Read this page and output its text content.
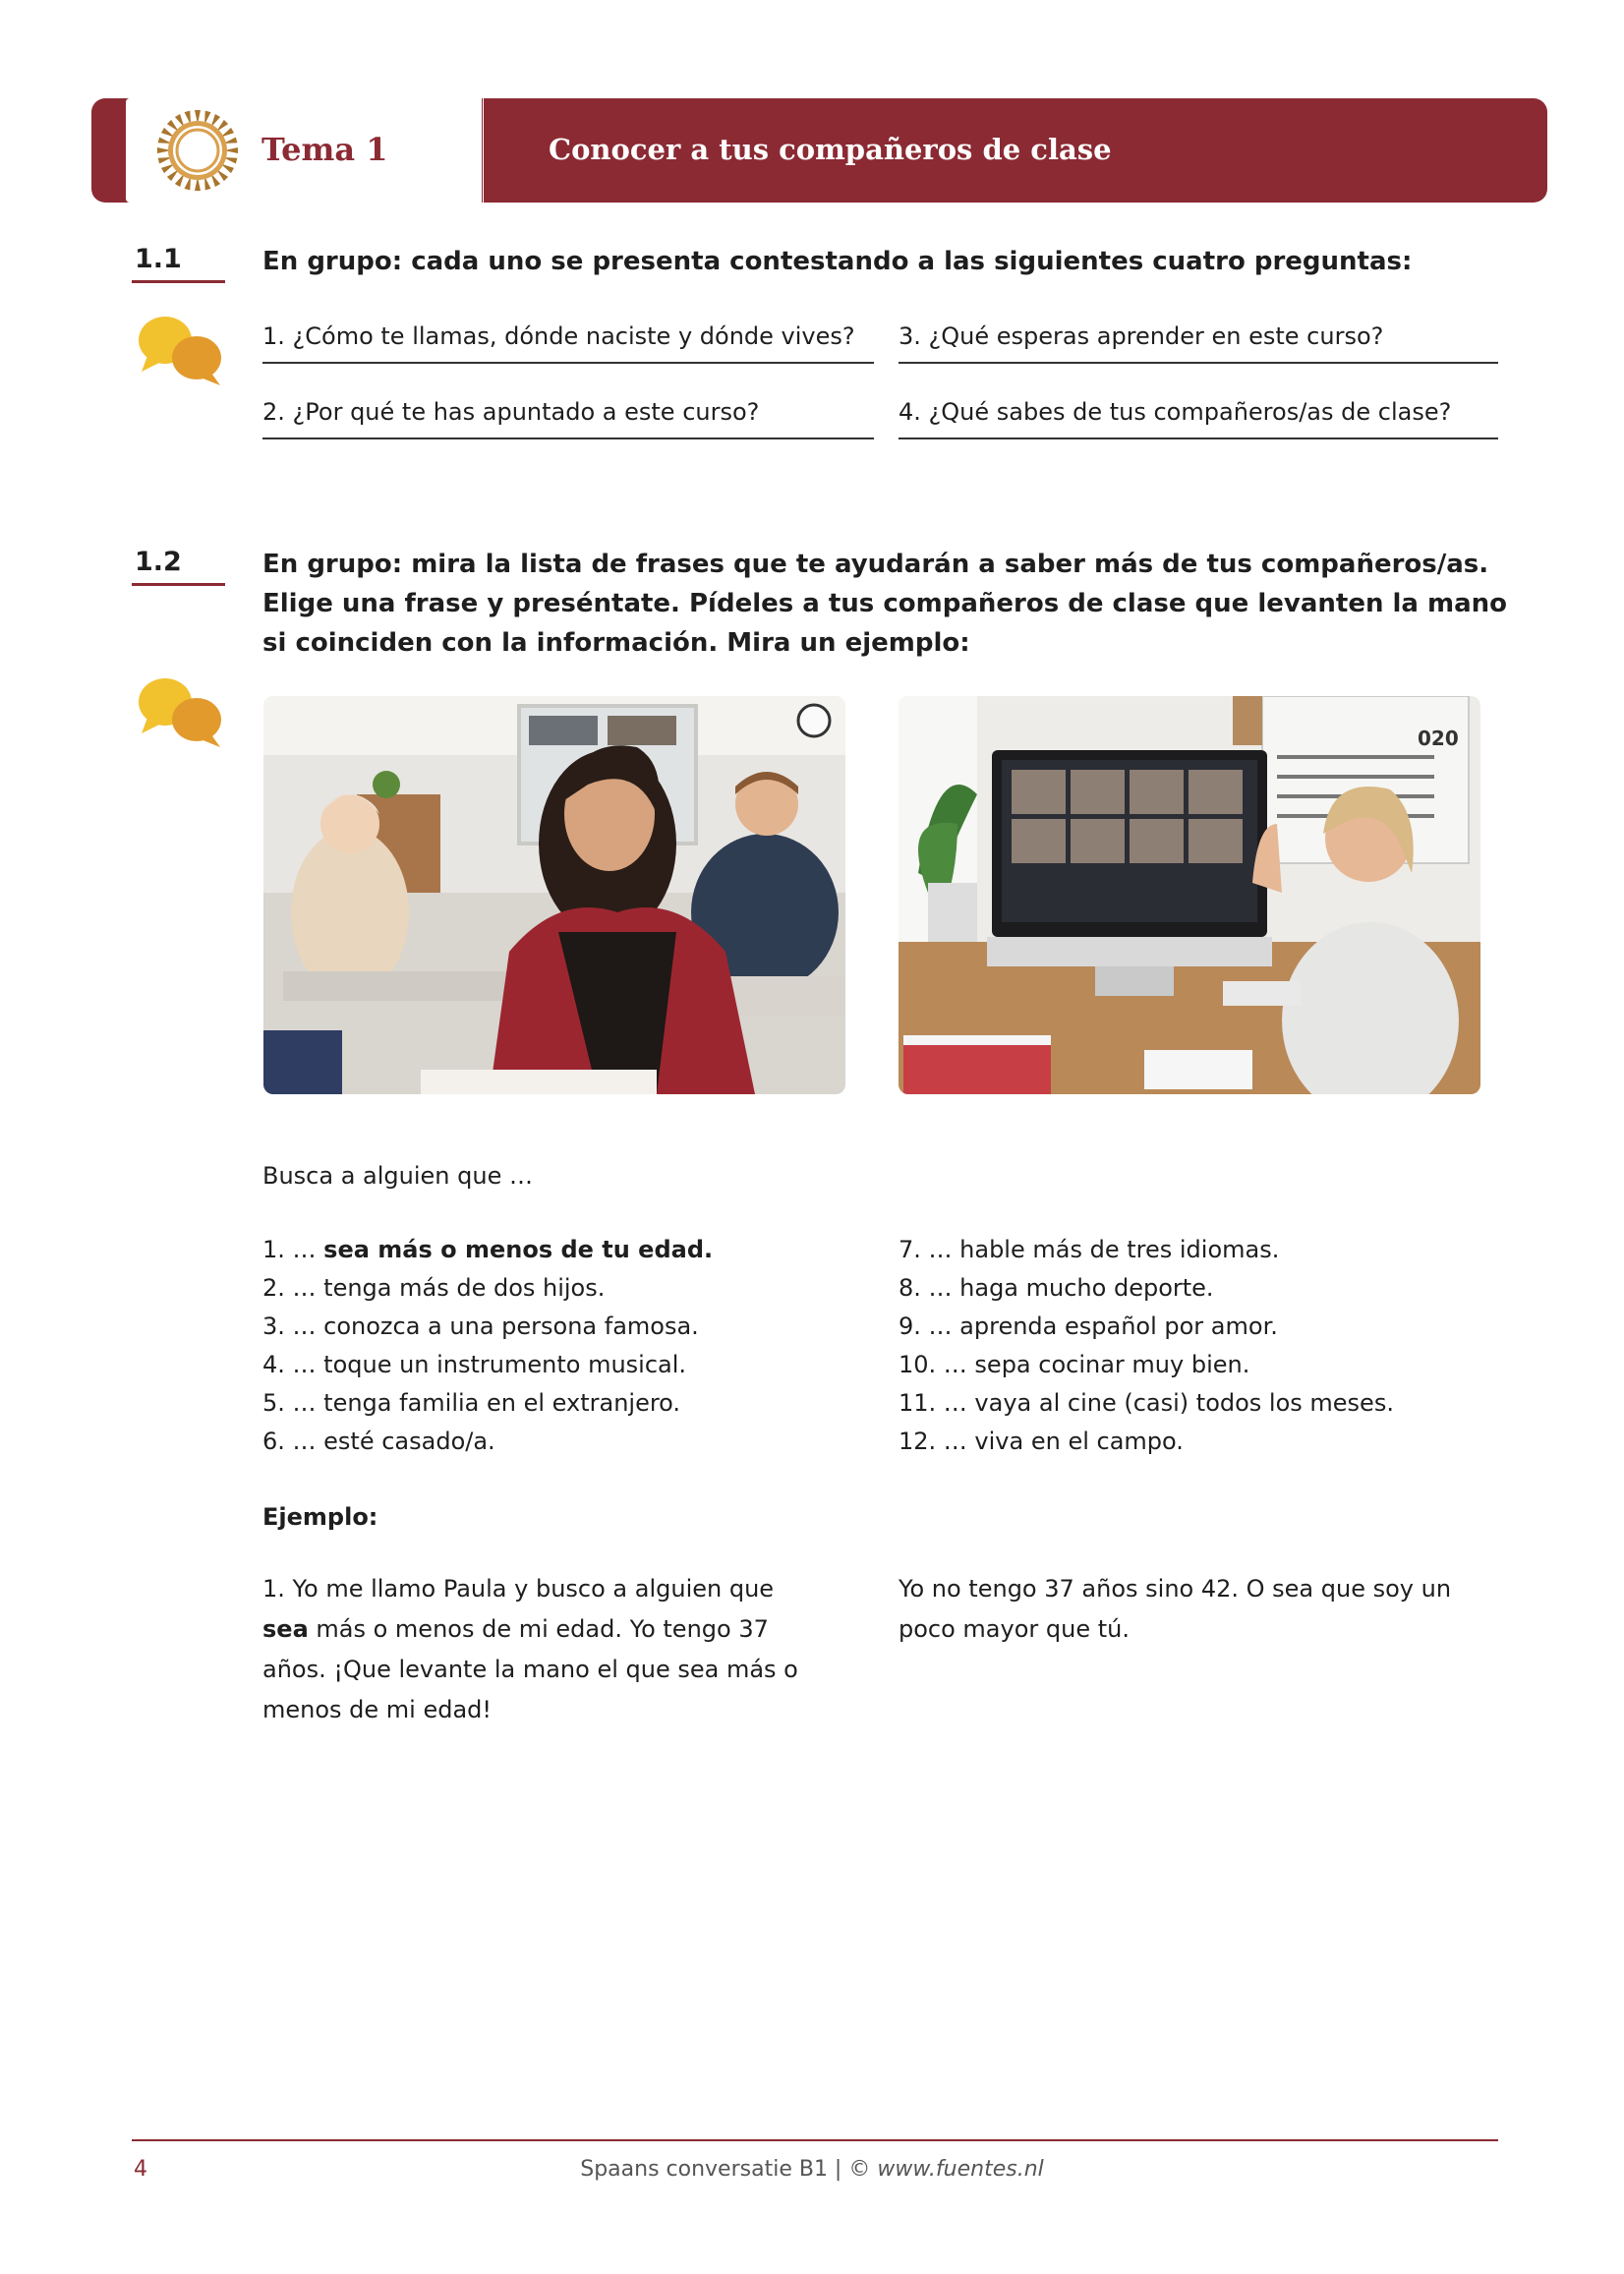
Tema 1	Conocer a tus compañeros de clase
1.1	En grupo: cada uno se presenta contestando a las siguientes cuatro preguntas:
1. ¿Cómo te llamas, dónde naciste y dónde vives?
2. ¿Por qué te has apuntado a este curso?
3. ¿Qué esperas aprender en este curso?
4. ¿Qué sabes de tus compañeros/as de clase?
1.2	En grupo: mira la lista de frases que te ayudarán a saber más de tus compañeros/as.
Elige una frase y preséntate. Pídeles a tus compañeros de clase que levanten la mano
si coinciden con la información. Mira un ejemplo:
020
Busca a alguien que …
1. … sea más o menos de tu edad.
2. … tenga más de dos hijos.
3. … conozca a una persona famosa.
4. … toque un instrumento musical.
5. … tenga familia en el extranjero.
6. … esté casado/a.
7. … hable más de tres idiomas.
8. … haga mucho deporte.
9. … aprenda español por amor.
10. … sepa cocinar muy bien.
11. … vaya al cine (casi) todos los meses.
12. … viva en el campo.
Ejemplo:
1. Yo me llamo Paula y busco a alguien que
sea más o menos de mi edad. Yo tengo 37
años. ¡Que levante la mano el que sea más o
menos de mi edad!
Yo no tengo 37 años sino 42. O sea que soy un
poco mayor que tú.
4	Spaans conversatie B1 | © www.fuentes.nl
